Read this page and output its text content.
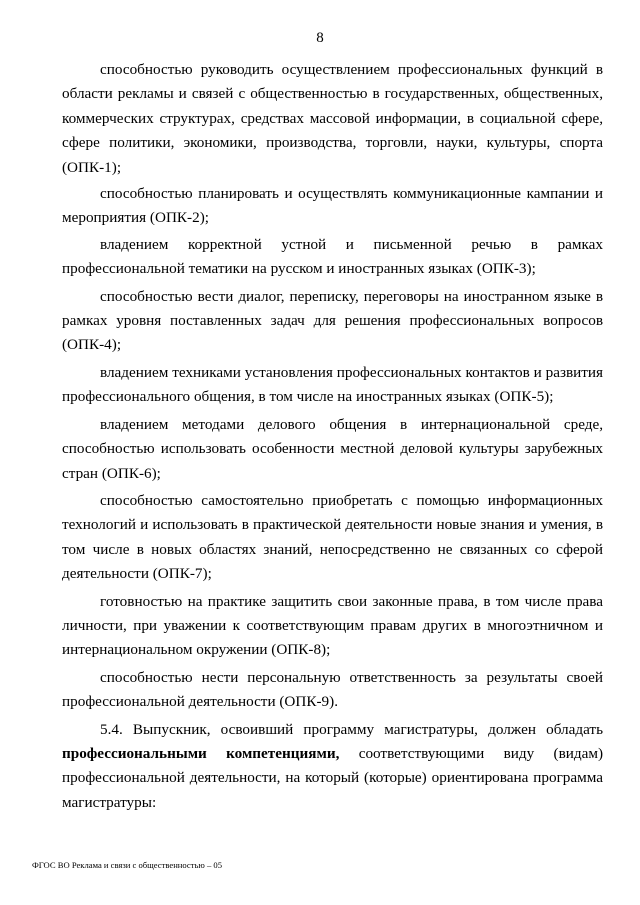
8

способностью руководить осуществлением профессиональных функций в области рекламы и связей с общественностью в государственных, общественных, коммерческих структурах, средствах массовой информации, в социальной сфере, сфере политики, экономики, производства, торговли, науки, культуры, спорта (ОПК-1);

способностью планировать и осуществлять коммуникационные кампании и мероприятия (ОПК-2);

владением корректной устной и письменной речью в рамках профессиональной тематики на русском и иностранных языках (ОПК-3);

способностью вести диалог, переписку, переговоры на иностранном языке в рамках уровня поставленных задач для решения профессиональных вопросов (ОПК-4);

владением техниками установления профессиональных контактов и развития профессионального общения, в том числе на иностранных языках (ОПК-5);

владением методами делового общения в интернациональной среде, способностью использовать особенности местной деловой культуры зарубежных стран (ОПК-6);

способностью самостоятельно приобретать с помощью информационных технологий и использовать в практической деятельности новые знания и умения, в том числе в новых областях знаний, непосредственно не связанных со сферой деятельности (ОПК-7);

готовностью на практике защитить свои законные права, в том числе права личности, при уважении к соответствующим правам других в многоэтничном и интернациональном окружении (ОПК-8);

способностью нести персональную ответственность за результаты своей профессиональной деятельности (ОПК-9).

5.4. Выпускник, освоивший программу магистратуры, должен обладать профессиональными компетенциями, соответствующими виду (видам) профессиональной деятельности, на который (которые) ориентирована программа магистратуры:

ФГОС ВО Реклама и связи с общественностью – 05
